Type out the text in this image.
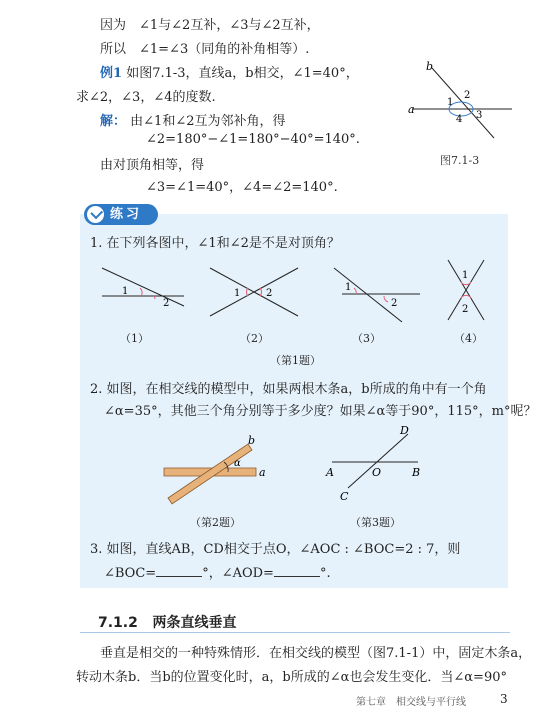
因为　∠1与∠2互补，∠3与∠2互补，
所以　∠1=∠3（同角的补角相等）.
例1 如图7.1-3，直线a，b相交，∠1=40°，
求∠2，∠3，∠4的度数.
解： 由∠1和∠2互为邻补角，得
∠2=180°−∠1=180°−40°=140°.
由对顶角相等，得
∠3=∠1=40°，∠4=∠2=140°.
a
b
1
2
3
4
图7.1-3
练习
1. 在下列各图中，∠1和∠2是不是对顶角？
1
2
1	2
1
2
1
2
（1）	（2）	（3）	（4）
（第1题）
2. 如图，在相交线的模型中，如果两根木条a，b所成的角中有一个角
∠α=35°，其他三个角分别等于多少度？如果∠α等于90°，115°，m°呢？
a
b
α
（第2题）
A	B
C
D
O
（第3题）
3. 如图，直线AB，CD相交于点O，∠AOC : ∠BOC=2 : 7，则
∠BOC=	°，∠AOD=	°.
7.1.2 两条直线垂直
垂直是相交的一种特殊情形．在相交线的模型（图7.1-1）中，固定木条a，
转动木条b．当b的位置变化时，a，b所成的∠α也会发生变化．当∠α=90°
第七章　相交线与平行线	3
